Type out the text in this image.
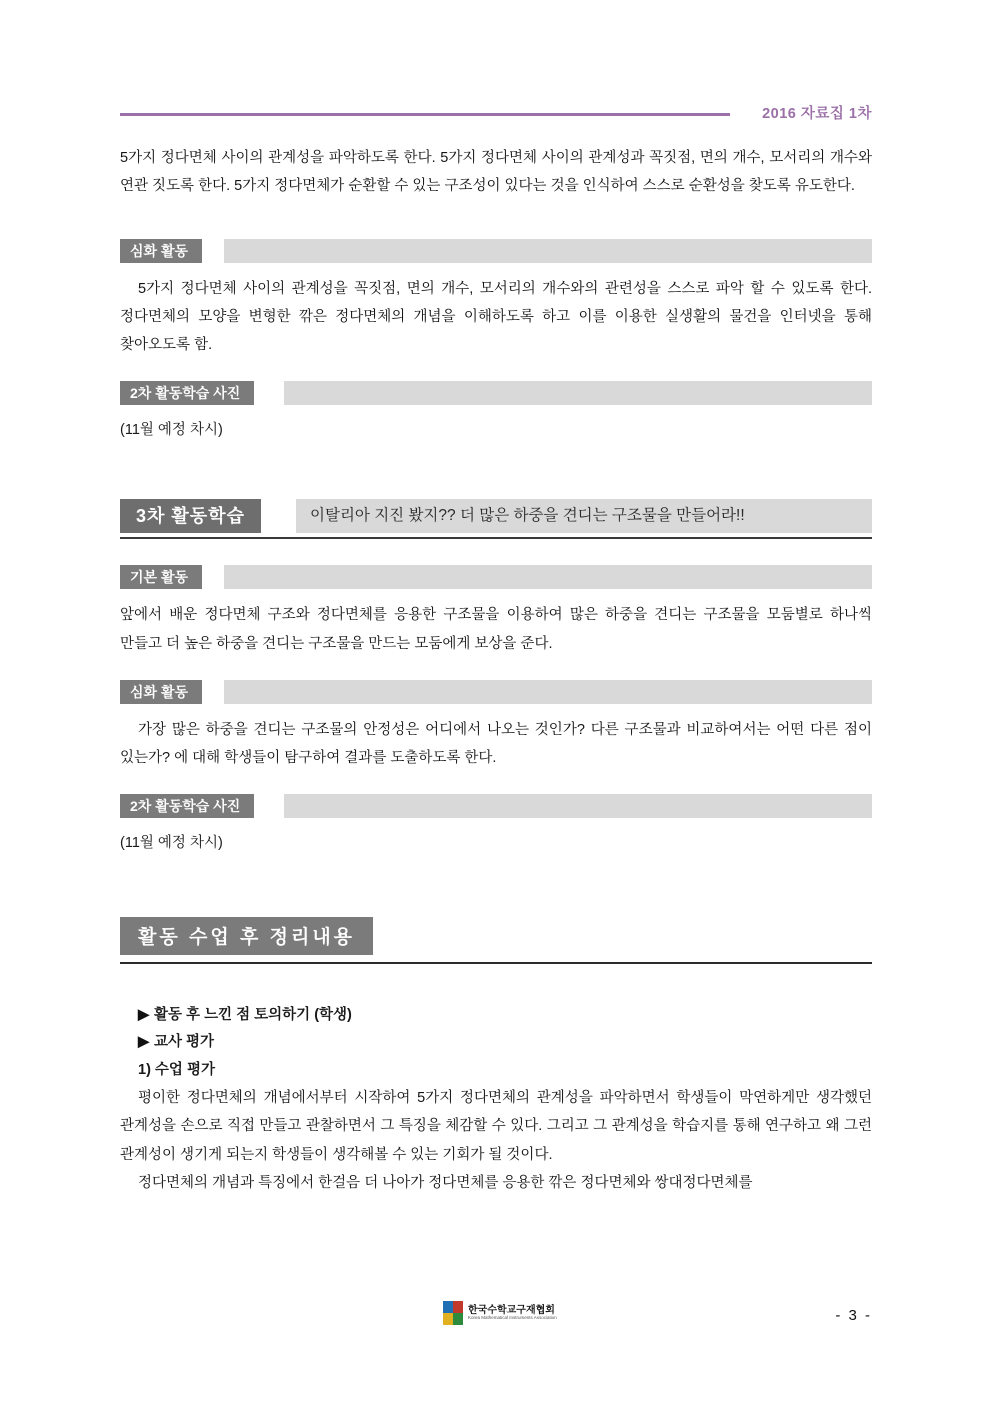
2016 자료집 1차

5가지 정다면체 사이의 관계성을 파악하도록 한다. 5가지 정다면체 사이의 관계성과 꼭짓점, 면의 개수, 모서리의 개수와 연관 짓도록 한다. 5가지 정다면체가 순환할 수 있는 구조성이 있다는 것을 인식하여 스스로 순환성을 찾도록 유도한다.

심화 활동

5가지 정다면체 사이의 관계성을 꼭짓점, 면의 개수, 모서리의 개수와의 관련성을 스스로 파악 할 수 있도록 한다. 정다면체의 모양을 변형한 깎은 정다면체의 개념을 이해하도록 하고 이를 이용한 실생활의 물건을 인터넷을 통해 찾아오도록 함.

2차 활동학습 사진

(11월 예정 차시)

이탈리아 지진 봤지?? 더 많은 하중을 견디는 구조물을 만들어라!!
3차 활동학습
기본 활동

앞에서 배운 정다면체 구조와 정다면체를 응용한 구조물을 이용하여 많은 하중을 견디는 구조물을 모둠별로 하나씩 만들고 더 높은 하중을 견디는 구조물을 만드는 모둠에게 보상을 준다.

심화 활동

가장 많은 하중을 견디는 구조물의 안정성은 어디에서 나오는 것인가? 다른 구조물과 비교하여서는 어떤 다른 점이 있는가? 에 대해 학생들이 탐구하여 결과를 도출하도록 한다.

2차 활동학습 사진

(11월 예정 차시)

활동 수업 후 정리내용

▶ 활동 후 느낀 점 토의하기 (학생)

▶ 교사 평가

1) 수업 평가

평이한 정다면체의 개념에서부터 시작하여 5가지 정다면체의 관계성을 파악하면서 학생들이 막연하게만 생각했던 관계성을 손으로 직접 만들고 관찰하면서 그 특징을 체감할 수 있다. 그리고 그 관계성을 학습지를 통해 연구하고 왜 그런 관계성이 생기게 되는지 학생들이 생각해볼 수 있는 기회가 될 것이다.

정다면체의 개념과 특징에서 한걸음 더 나아가 정다면체를 응용한 깎은 정다면체와 쌍대정다면체를

한국수학교구재협회
Korea Mathematical Instruments Association	- 3 -
